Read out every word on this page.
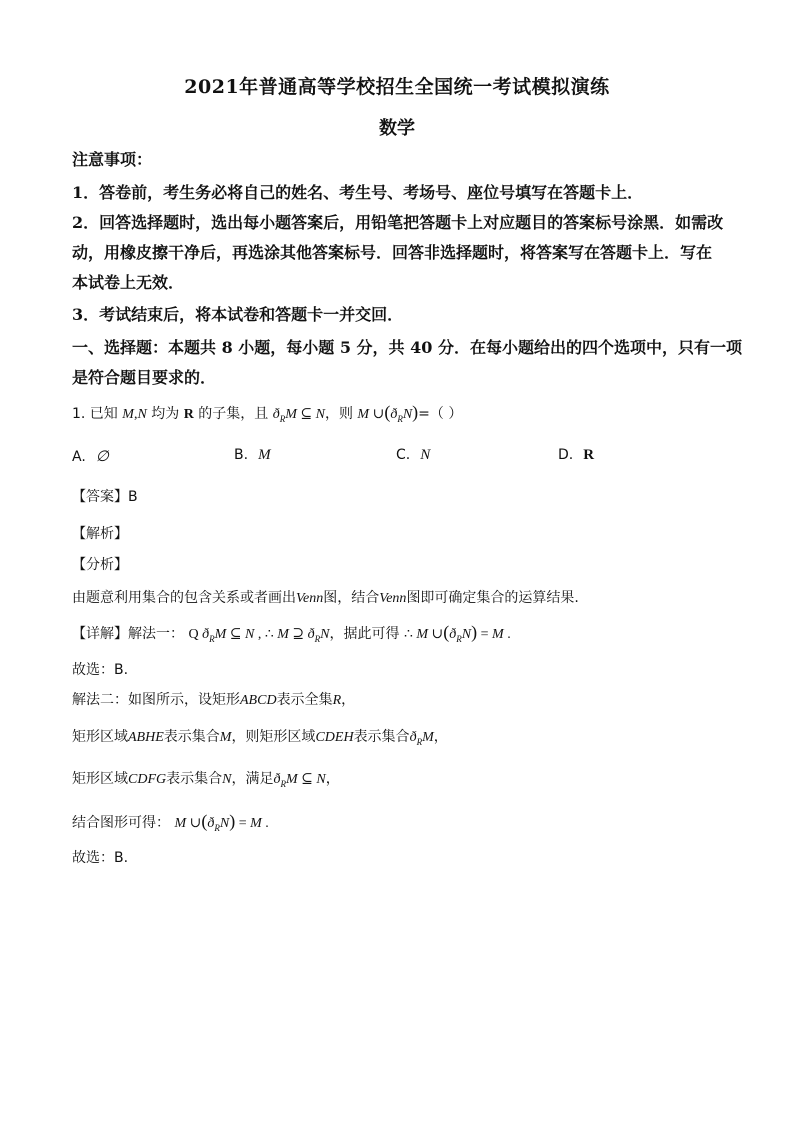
2021年普通高等学校招生全国统一考试模拟演练
数学
注意事项：
1．答卷前，考生务必将自己的姓名、考生号、考场号、座位号填写在答题卡上．
2．回答选择题时，选出每小题答案后，用铅笔把答题卡上对应题目的答案标号涂黑．如需改
动，用橡皮擦干净后，再选涂其他答案标号．回答非选择题时，将答案写在答题卡上．写在
本试卷上无效．
3．考试结束后，将本试卷和答题卡一并交回．
一、选择题：本题共 8 小题，每小题 5 分，共 40 分．在每小题给出的四个选项中，只有一项
是符合题目要求的．
1. 已知 M,N 均为 R 的子集，且 $ð_RM$ ⊆ N，则 M $\cup(ð_RN)=$（ ）
A. ∅	B. M	C. N	D. R
【答案】B
【解析】
【分析】
由题意利用集合的包含关系或者画出Venn图，结合Venn图即可确定集合的运算结果.
【详解】解法一： Q $ð_RM$ ⊆ N , ∴ M ⊇ $ð_RN$，据此可得 ∴ M $\cup(ð_RN) = M$ .
故选：B.
解法二：如图所示，设矩形ABCD表示全集R，
矩形区域ABHE表示集合M，则矩形区域CDEH表示集合$ð_RM$，
矩形区域CDFG表示集合N，满足$ð_RM$ ⊆ N，
结合图形可得： M $\cup(ð_RN) = M$ .
故选：B.
